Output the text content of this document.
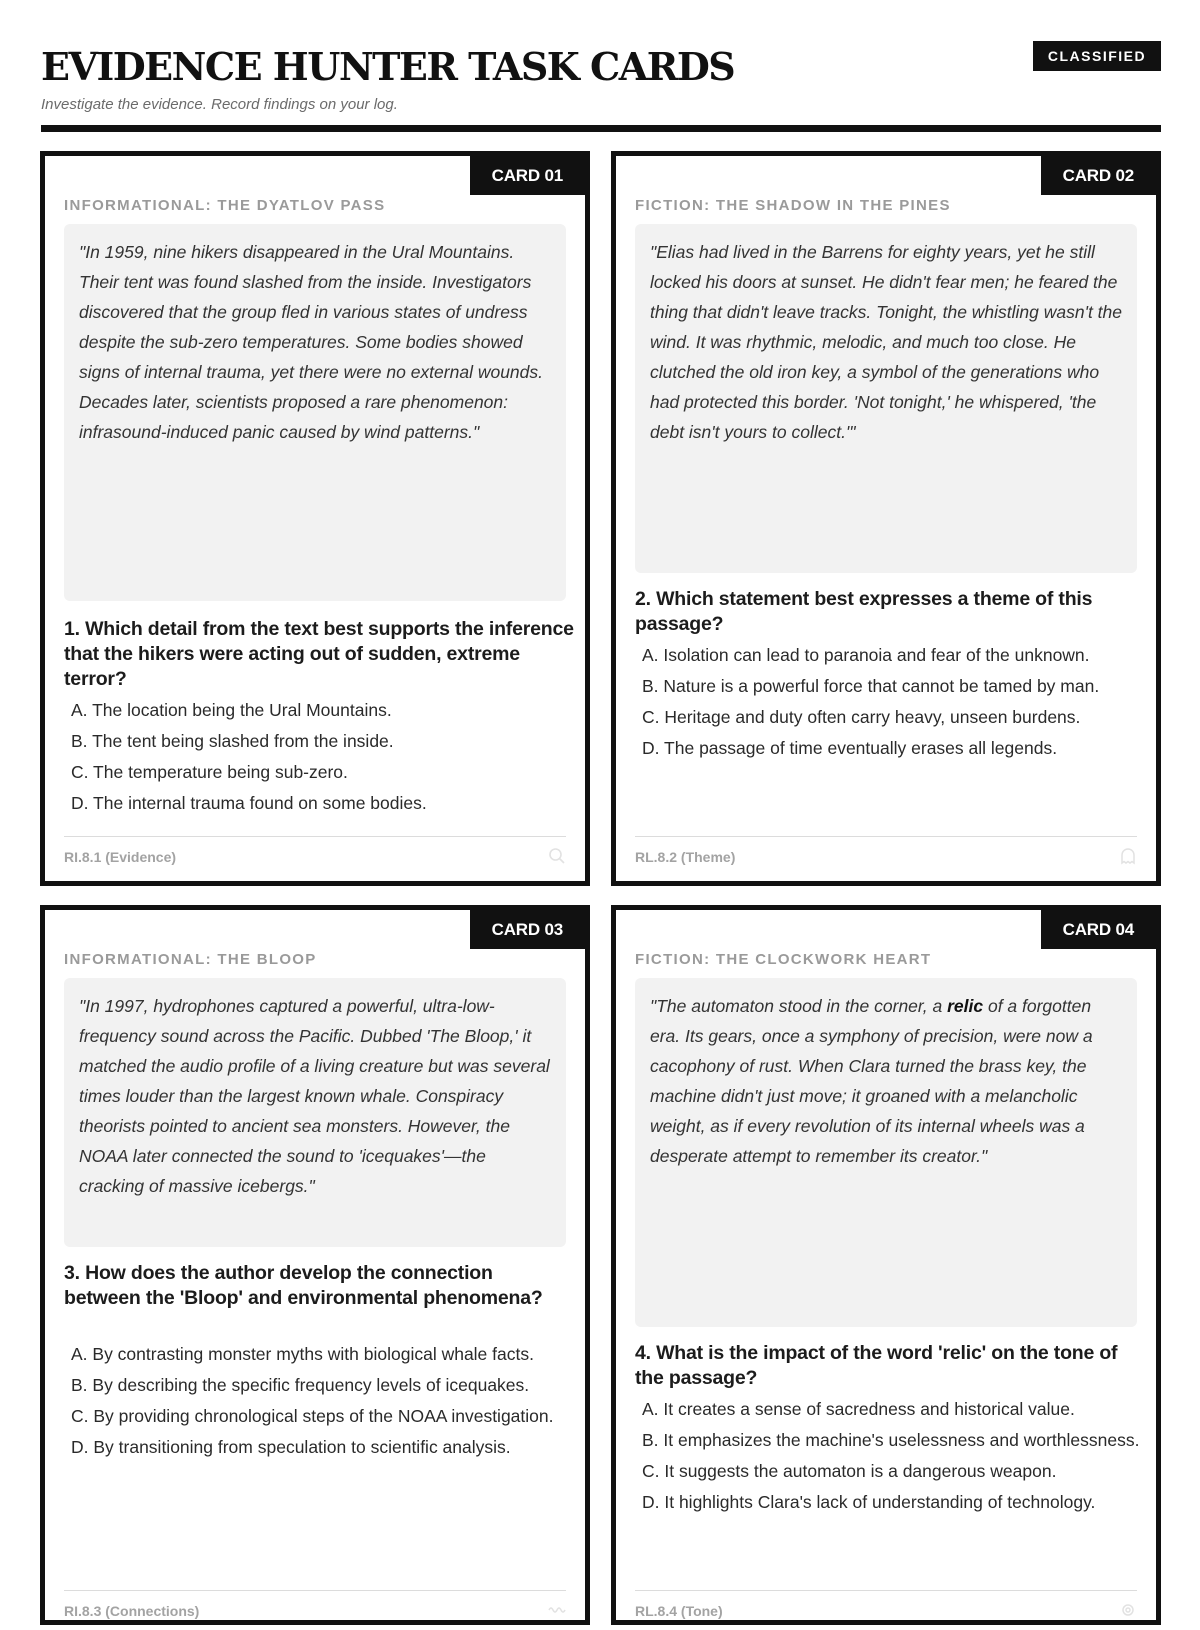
EVIDENCE HUNTER TASK CARDS
Investigate the evidence. Record findings on your log.
CLASSIFIED
CARD 01
INFORMATIONAL: THE DYATLOV PASS
"In 1959, nine hikers disappeared in the Ural Mountains. Their tent was found slashed from the inside. Investigators discovered that the group fled in various states of undress despite the sub-zero temperatures. Some bodies showed signs of internal trauma, yet there were no external wounds. Decades later, scientists proposed a rare phenomenon: infrasound-induced panic caused by wind patterns."
1. Which detail from the text best supports the inference that the hikers were acting out of sudden, extreme terror?
A. The location being the Ural Mountains.
B. The tent being slashed from the inside.
C. The temperature being sub-zero.
D. The internal trauma found on some bodies.
RI.8.1 (Evidence)
CARD 02
FICTION: THE SHADOW IN THE PINES
"Elias had lived in the Barrens for eighty years, yet he still locked his doors at sunset. He didn't fear men; he feared the thing that didn't leave tracks. Tonight, the whistling wasn't the wind. It was rhythmic, melodic, and much too close. He clutched the old iron key, a symbol of the generations who had protected this border. 'Not tonight,' he whispered, 'the debt isn't yours to collect.'"
2. Which statement best expresses a theme of this passage?
A. Isolation can lead to paranoia and fear of the unknown.
B. Nature is a powerful force that cannot be tamed by man.
C. Heritage and duty often carry heavy, unseen burdens.
D. The passage of time eventually erases all legends.
RL.8.2 (Theme)
CARD 03
INFORMATIONAL: THE BLOOP
"In 1997, hydrophones captured a powerful, ultra-low-frequency sound across the Pacific. Dubbed 'The Bloop,' it matched the audio profile of a living creature but was several times louder than the largest known whale. Conspiracy theorists pointed to ancient sea monsters. However, the NOAA later connected the sound to 'icequakes'—the cracking of massive icebergs."
3. How does the author develop the connection between the 'Bloop' and environmental phenomena?
A. By contrasting monster myths with biological whale facts.
B. By describing the specific frequency levels of icequakes.
C. By providing chronological steps of the NOAA investigation.
D. By transitioning from speculation to scientific analysis.
RI.8.3 (Connections)
CARD 04
FICTION: THE CLOCKWORK HEART
"The automaton stood in the corner, a relic of a forgotten era. Its gears, once a symphony of precision, were now a cacophony of rust. When Clara turned the brass key, the machine didn't just move; it groaned with a melancholic weight, as if every revolution of its internal wheels was a desperate attempt to remember its creator."
4. What is the impact of the word 'relic' on the tone of the passage?
A. It creates a sense of sacredness and historical value.
B. It emphasizes the machine's uselessness and worthlessness.
C. It suggests the automaton is a dangerous weapon.
D. It highlights Clara's lack of understanding of technology.
RL.8.4 (Tone)
